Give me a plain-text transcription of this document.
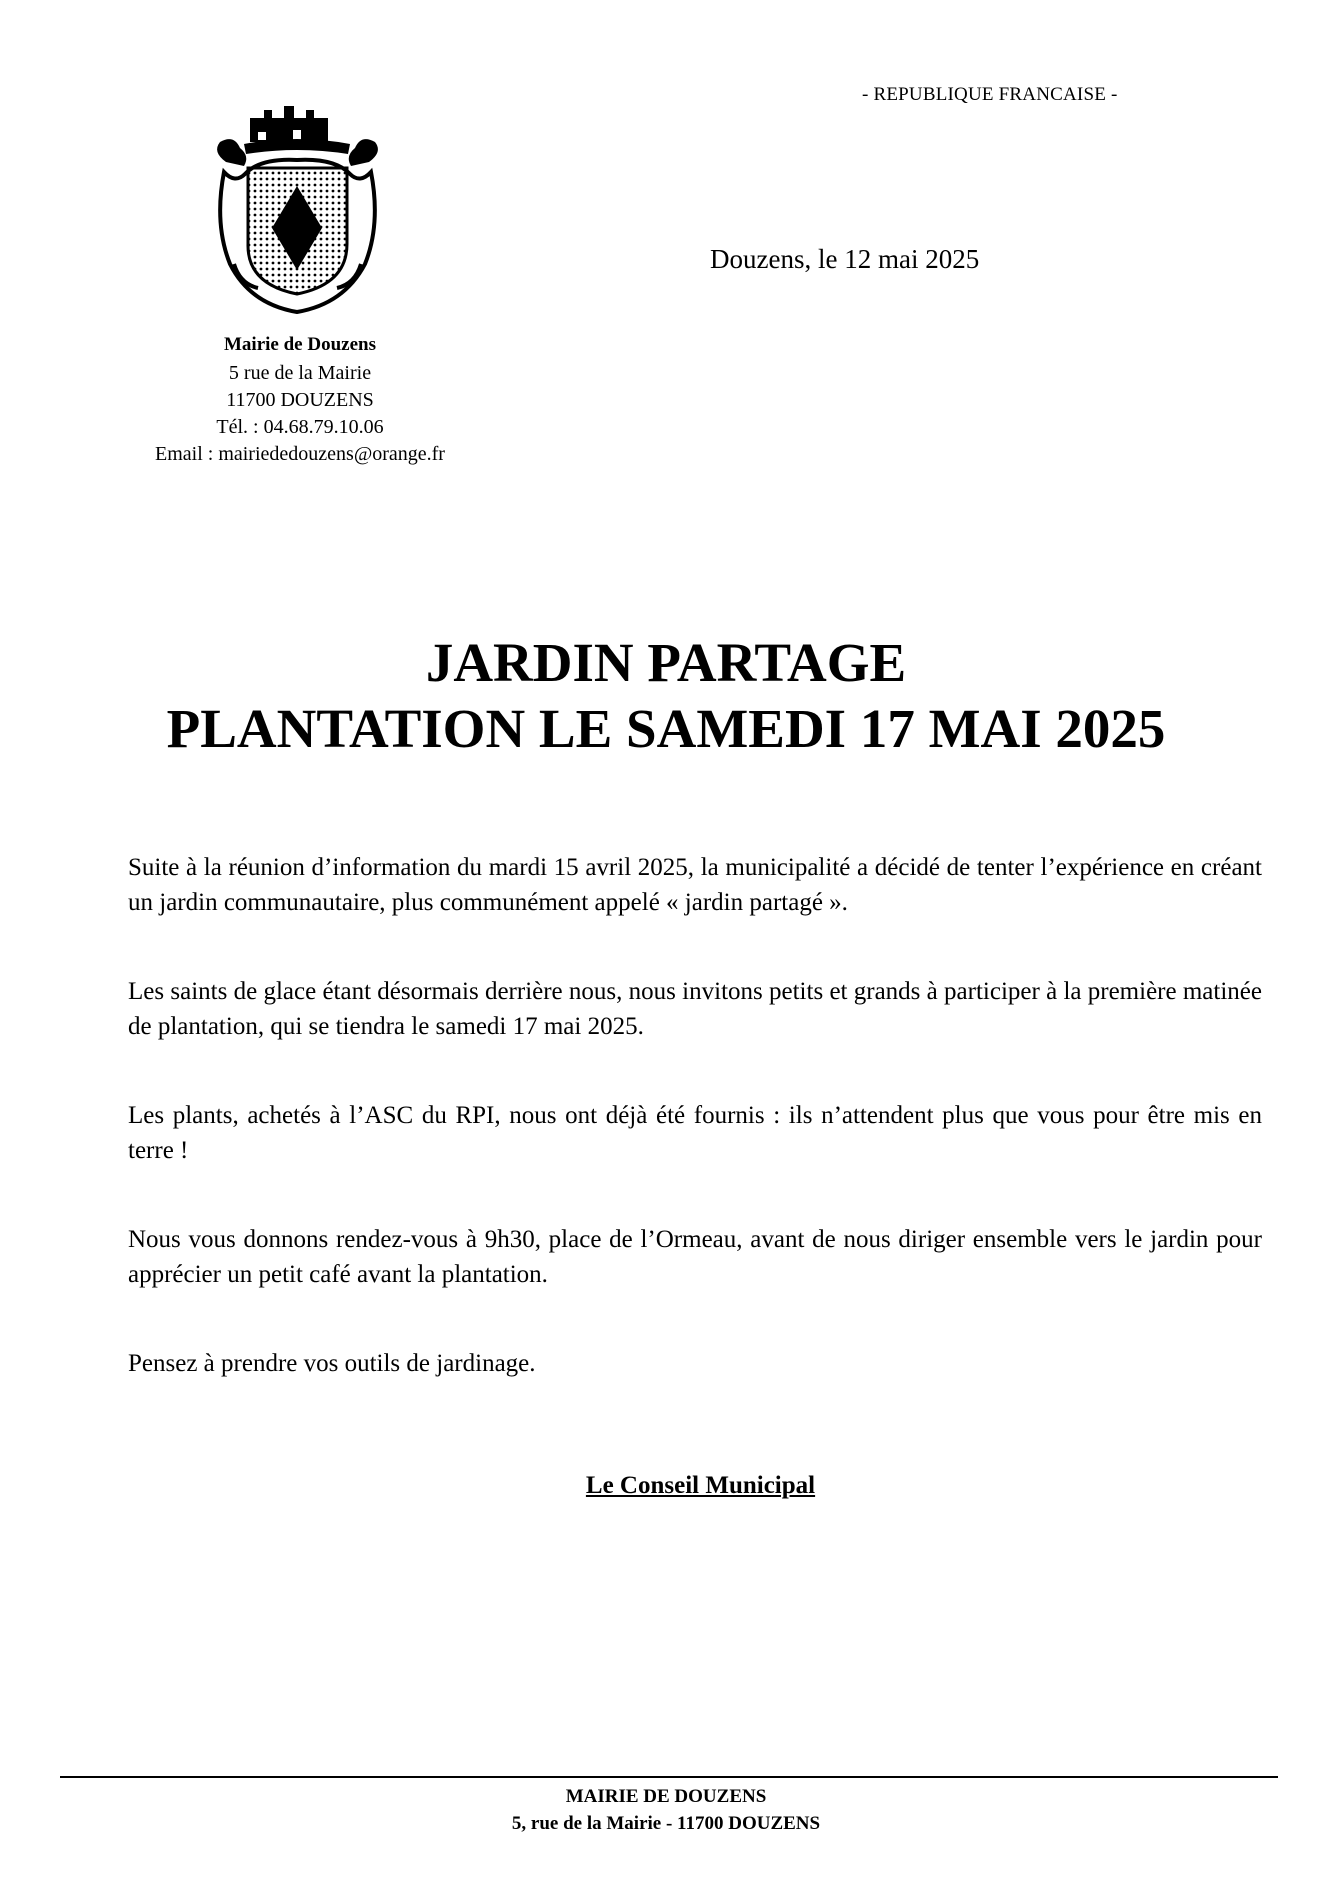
- REPUBLIQUE FRANCAISE -
Douzens, le 12 mai 2025
Mairie de Douzens
5 rue de la Mairie
11700 DOUZENS
Tél. : 04.68.79.10.06
Email : mairiededouzens@orange.fr
JARDIN PARTAGE
PLANTATION LE SAMEDI 17 MAI 2025

Suite à la réunion d’information du mardi 15 avril 2025, la municipalité a décidé de tenter l’expérience en créant un jardin communautaire, plus communément appelé « jardin partagé ».

Les saints de glace étant désormais derrière nous, nous invitons petits et grands à participer à la première matinée de plantation, qui se tiendra le samedi 17 mai 2025.

Les plants, achetés à l’ASC du RPI, nous ont déjà été fournis : ils n’attendent plus que vous pour être mis en terre !

Nous vous donnons rendez-vous à 9h30, place de l’Ormeau, avant de nous diriger ensemble vers le jardin pour apprécier un petit café avant la plantation.

Pensez à prendre vos outils de jardinage.

Le Conseil Municipal
MAIRIE DE DOUZENS
5, rue de la Mairie - 11700 DOUZENS
